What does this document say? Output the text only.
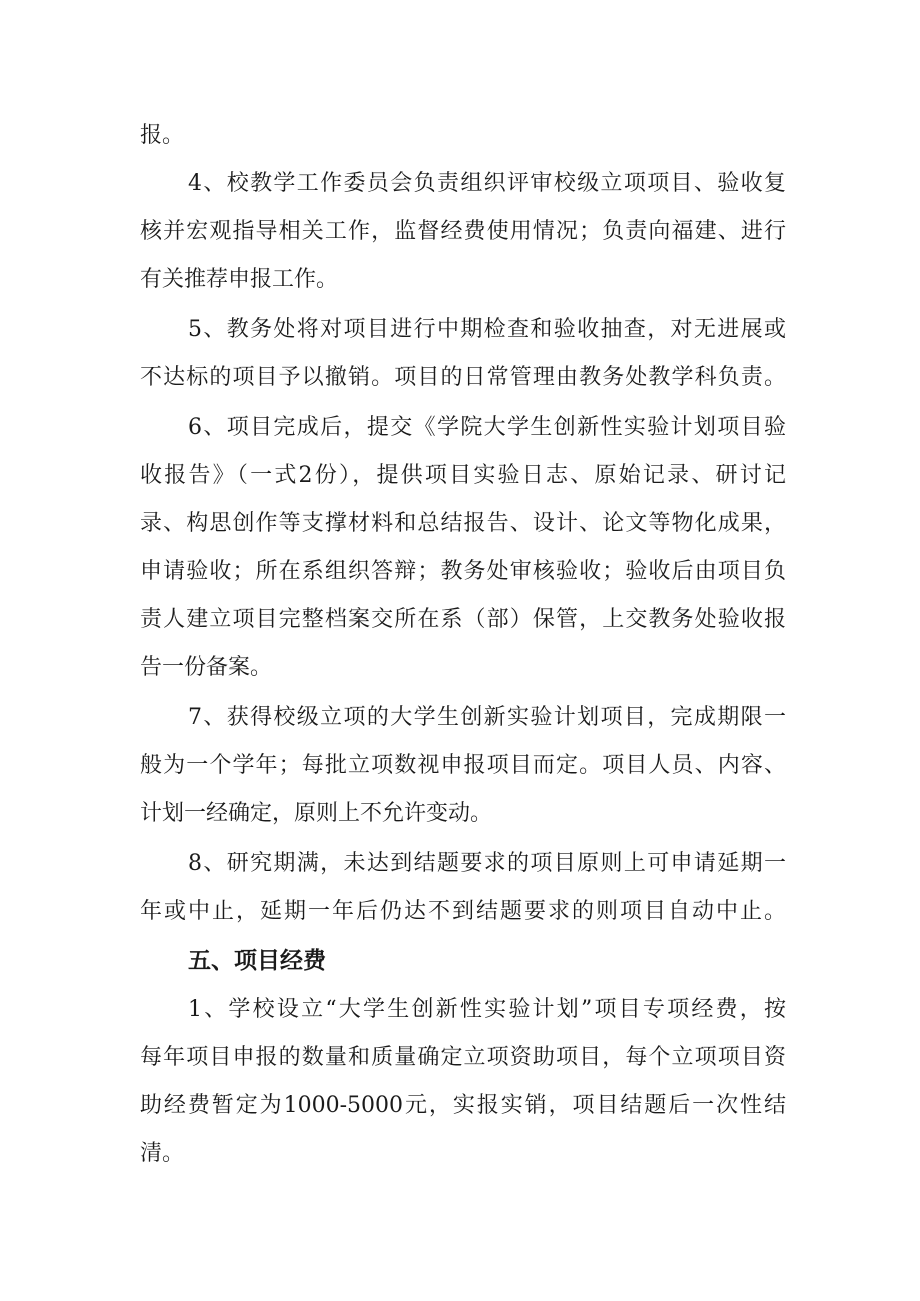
报。
4、校教学工作委员会负责组织评审校级立项项目、验收复
核并宏观指导相关工作，监督经费使用情况；负责向福建、进行
有关推荐申报工作。
5、教务处将对项目进行中期检查和验收抽查，对无进展或
不达标的项目予以撤销。项目的日常管理由教务处教学科负责。
6、项目完成后，提交《学院大学生创新性实验计划项目验
收报告》（一式2份），提供项目实验日志、原始记录、研讨记
录、构思创作等支撑材料和总结报告、设计、论文等物化成果，
申请验收；所在系组织答辩；教务处审核验收；验收后由项目负
责人建立项目完整档案交所在系（部）保管，上交教务处验收报
告一份备案。
7、获得校级立项的大学生创新实验计划项目，完成期限一
般为一个学年；每批立项数视申报项目而定。项目人员、内容、
计划一经确定，原则上不允许变动。
8、研究期满，未达到结题要求的项目原则上可申请延期一
年或中止，延期一年后仍达不到结题要求的则项目自动中止。
五、项目经费
1、学校设立“大学生创新性实验计划”项目专项经费，按
每年项目申报的数量和质量确定立项资助项目，每个立项项目资
助经费暂定为1000-5000元，实报实销，项目结题后一次性结
清。
